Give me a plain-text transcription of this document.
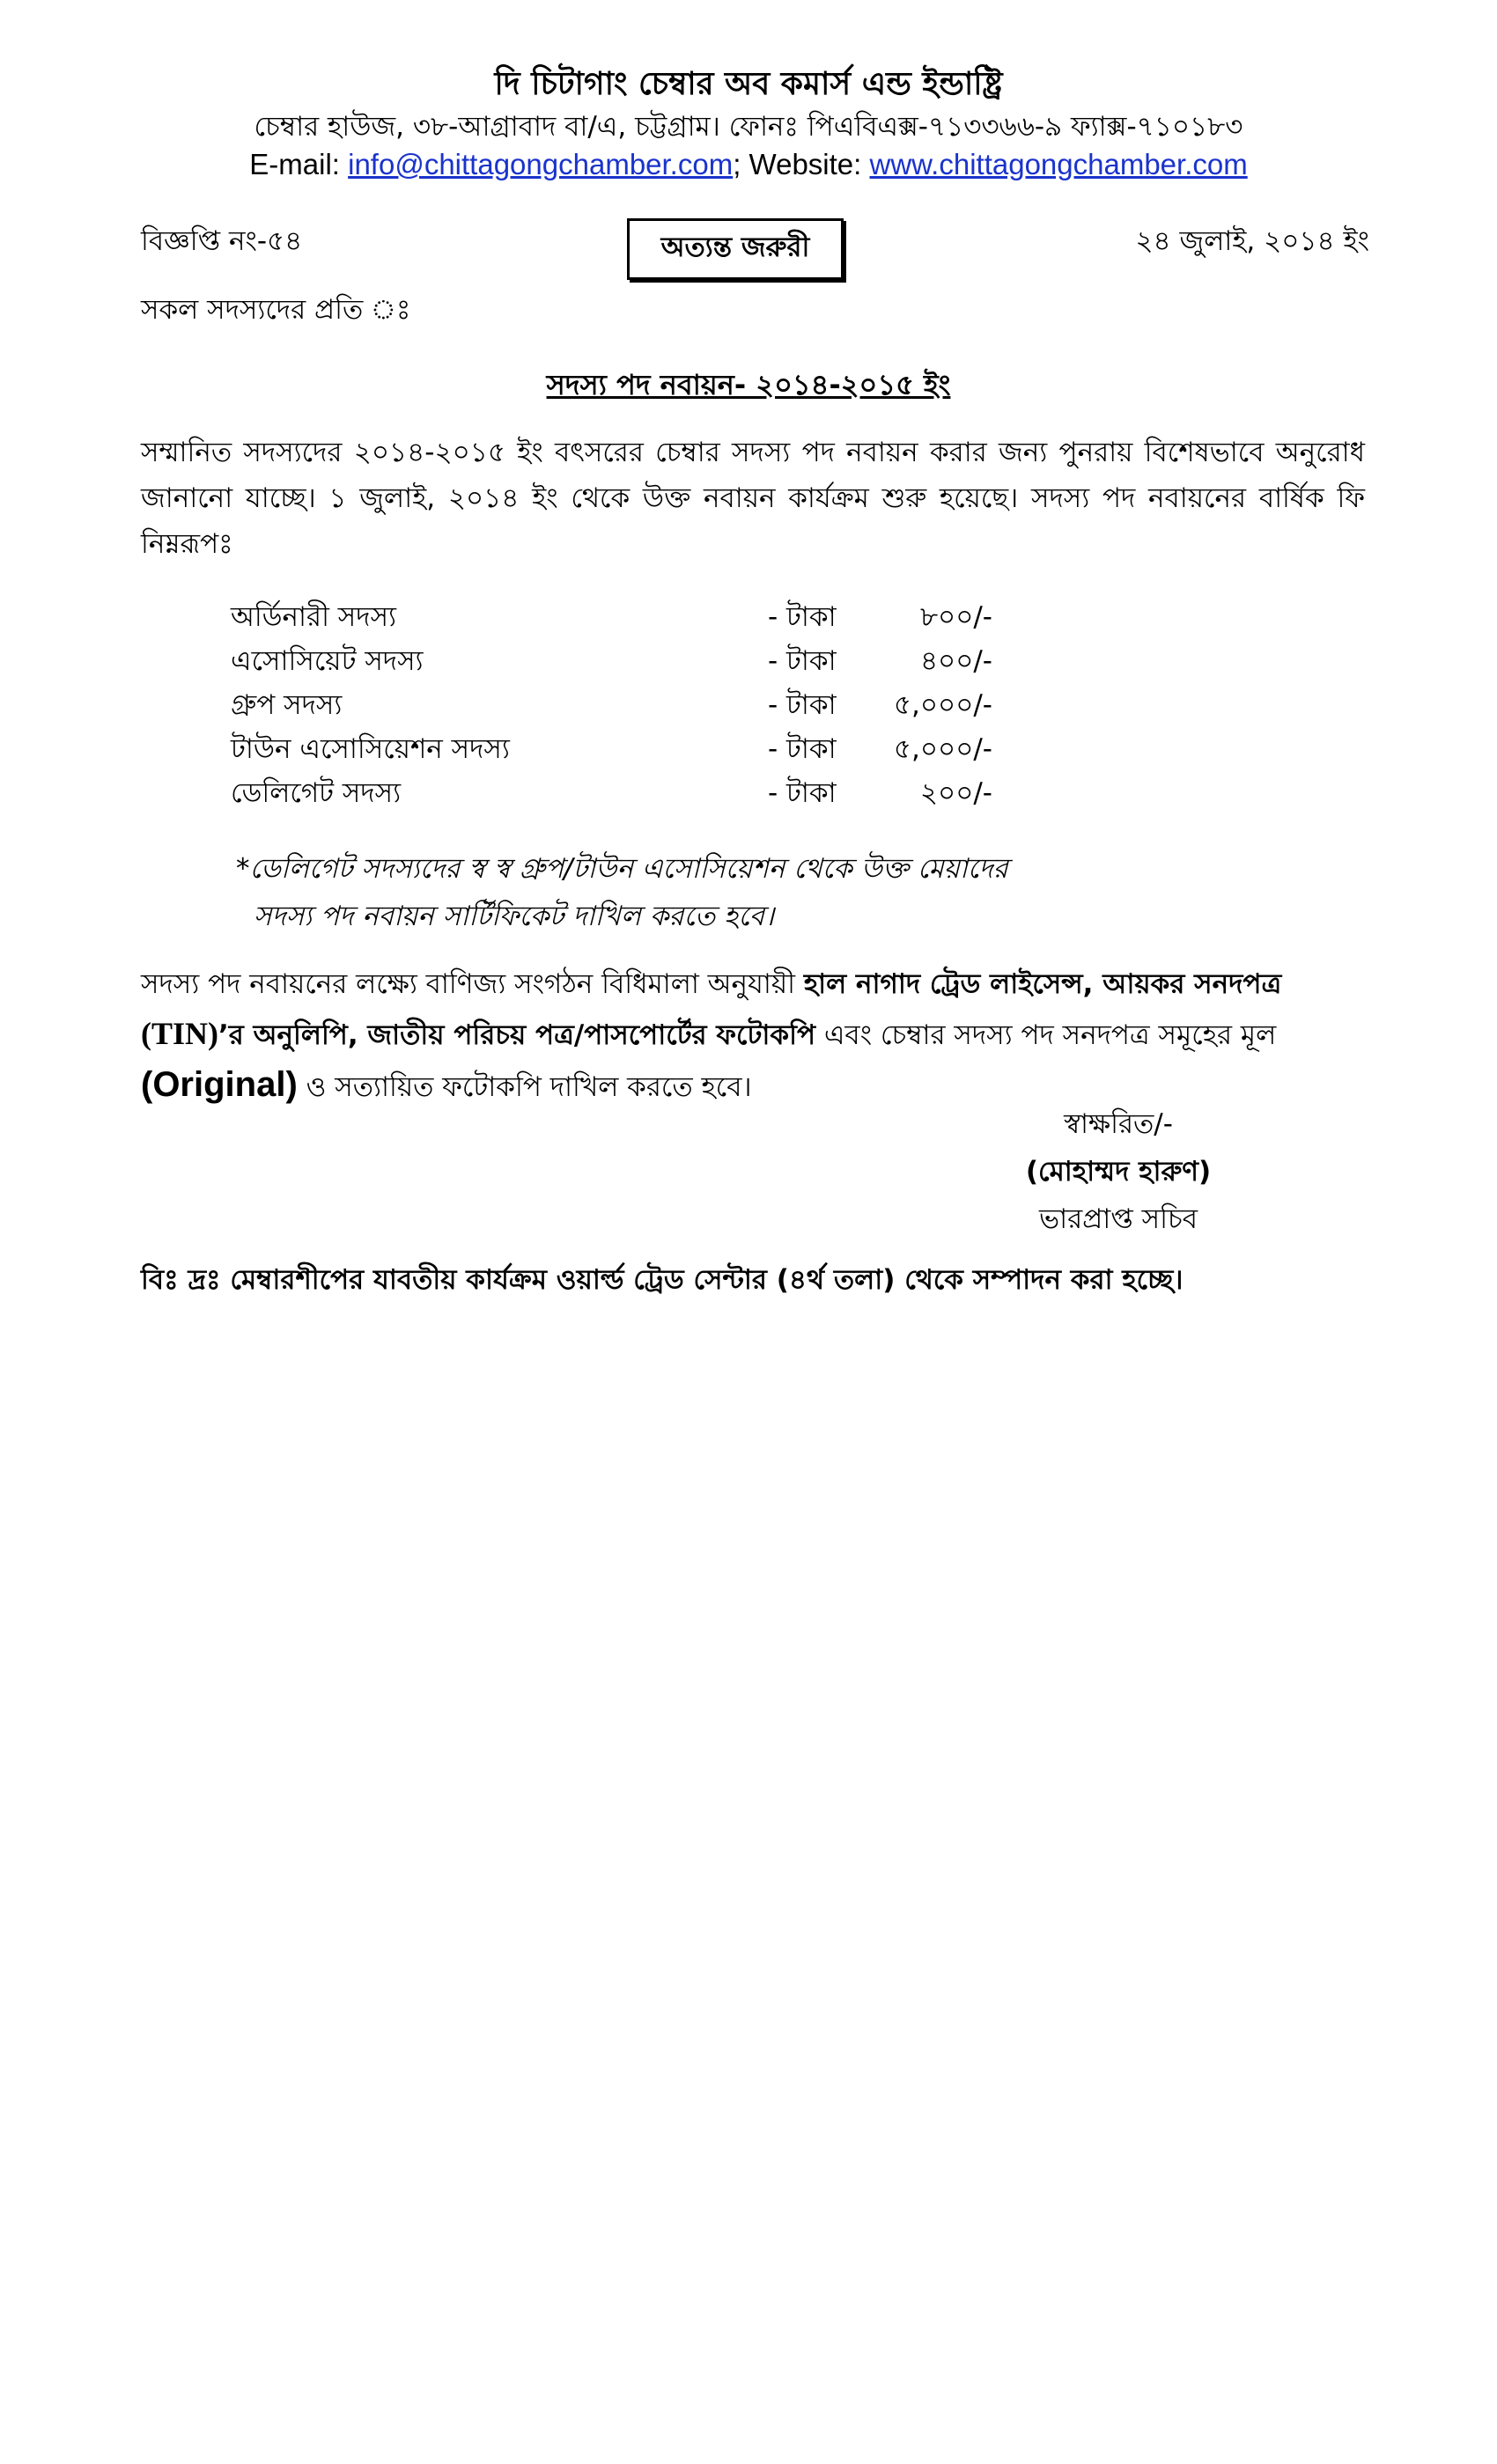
দি চিটাগাং চেম্বার অব কমার্স এন্ড ইন্ডাষ্ট্রি
চেম্বার হাউজ, ৩৮-আগ্রাবাদ বা/এ, চট্টগ্রাম। ফোনঃ পিএবিএক্স-৭১৩৩৬৬-৯ ফ্যাক্স-৭১০১৮৩
E-mail: info@chittagongchamber.com; Website: www.chittagongchamber.com
বিজ্ঞপ্তি নং-৫৪	অত্যন্ত জরুরী	২৪ জুলাই, ২০১৪ ইং
সকল সদস্যদের প্রতি ঃ
সদস্য পদ নবায়ন- ২০১৪-২০১৫ ইং
সম্মানিত সদস্যদের ২০১৪-২০১৫ ইং বৎসরের চেম্বার সদস্য পদ নবায়ন করার জন্য পুনরায় বিশেষভাবে অনুরোধ জানানো যাচ্ছে। ১ জুলাই, ২০১৪ ইং থেকে উক্ত নবায়ন কার্যক্রম শুরু হয়েছে। সদস্য পদ নবায়নের বার্ষিক ফি নিম্নরূপঃ
অর্ডিনারী সদস্য	- টাকা	৮০০/-
এসোসিয়েট সদস্য	- টাকা	৪০০/-
গ্রুপ সদস্য	- টাকা	৫,০০০/-
টাউন এসোসিয়েশন সদস্য	- টাকা	৫,০০০/-
ডেলিগেট সদস্য	- টাকা	২০০/-
*ডেলিগেট সদস্যদের স্ব স্ব গ্রুপ/টাউন এসোসিয়েশন থেকে উক্ত মেয়াদের
সদস্য পদ নবায়ন সার্টিফিকেট দাখিল করতে হবে।
সদস্য পদ নবায়নের লক্ষ্যে বাণিজ্য সংগঠন বিধিমালা অনুযায়ী হাল নাগাদ ট্রেড লাইসেন্স, আয়কর সনদপত্র
(TIN)’র অনুলিপি, জাতীয় পরিচয় পত্র/পাসপোর্টের ফটোকপি এবং চেম্বার সদস্য পদ সনদপত্র সমূহের মূল
(Original) ও সত্যায়িত ফটোকপি দাখিল করতে হবে।
স্বাক্ষরিত/-
(মোহাম্মদ হারুণ)
ভারপ্রাপ্ত সচিব
বিঃ দ্রঃ মেম্বারশীপের যাবতীয় কার্যক্রম ওয়ার্ল্ড ট্রেড সেন্টার (৪র্থ তলা) থেকে সম্পাদন করা হচ্ছে।
